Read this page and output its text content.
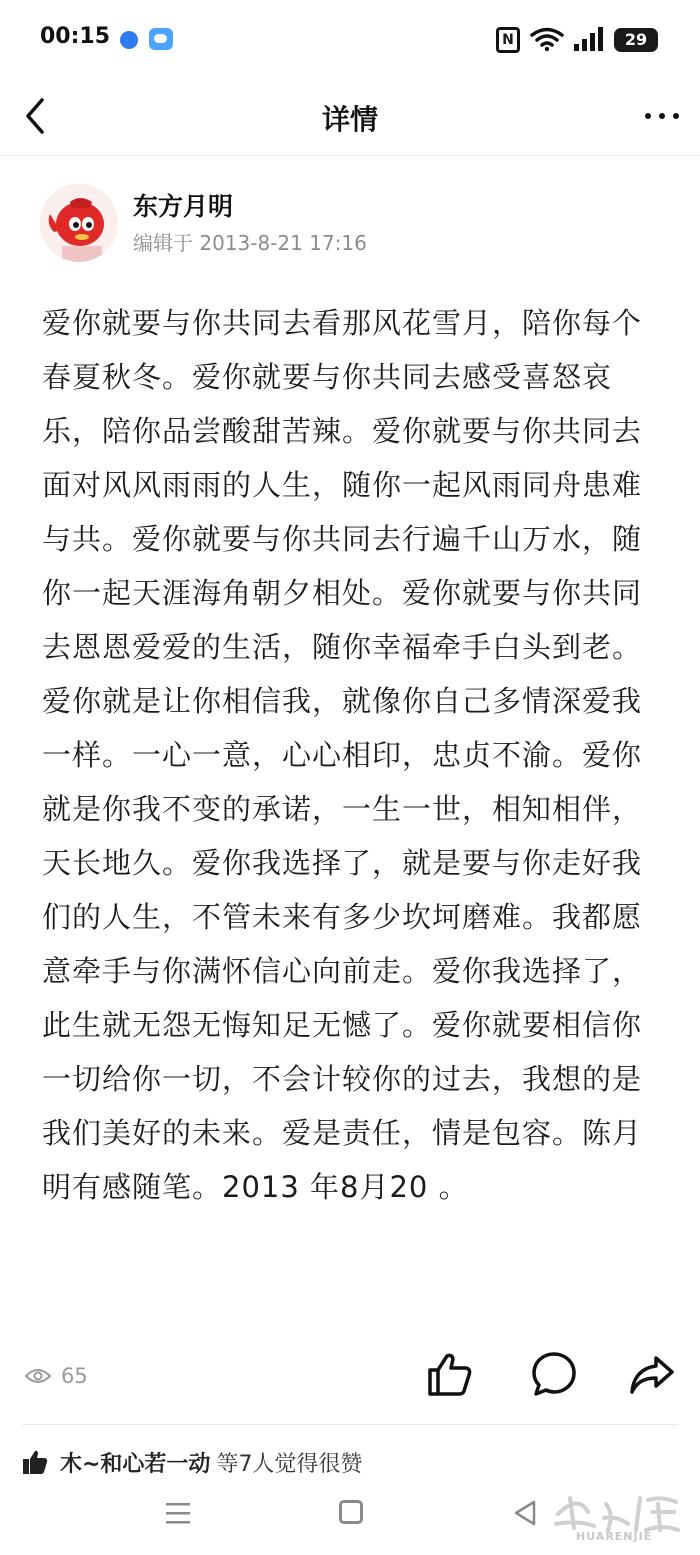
00:15	N	29
详情
东方月明
编辑于 2013-8-21 17:16
爱你就要与你共同去看那风花雪月，陪你每个春夏秋冬。爱你就要与你共同去感受喜怒哀乐，陪你品尝酸甜苦辣。爱你就要与你共同去面对风风雨雨的人生，随你一起风雨同舟患难与共。爱你就要与你共同去行遍千山万水，随你一起天涯海角朝夕相处。爱你就要与你共同去恩恩爱爱的生活，随你幸福牵手白头到老。爱你就是让你相信我，就像你自己多情深爱我一样。一心一意，心心相印，忠贞不渝。爱你就是你我不变的承诺，一生一世，相知相伴，天长地久。爱你我选择了，就是要与你走好我们的人生，不管未来有多少坎坷磨难。我都愿意牵手与你满怀信心向前走。爱你我选择了，此生就无怨无悔知足无憾了。爱你就要相信你一切给你一切，不会计较你的过去，我想的是我们美好的未来。爱是责任，情是包容。陈月明有感随笔。2013 年8月20 。
65
木~和心若一动 等7人觉得很赞
HUARENJIE
